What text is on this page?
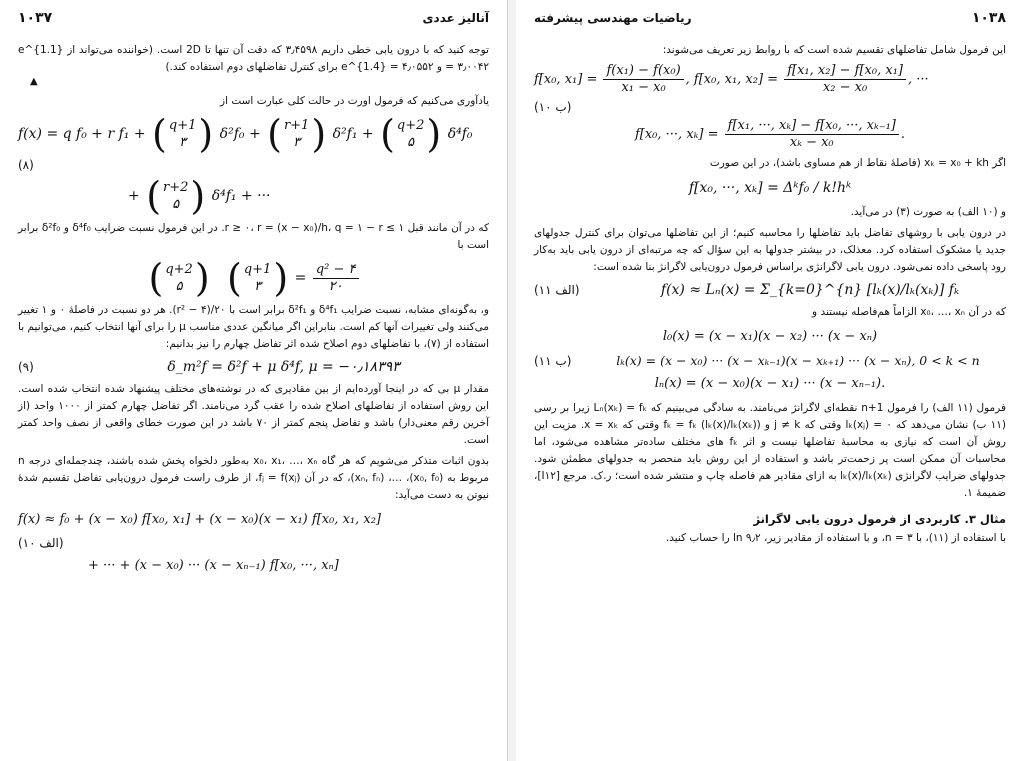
۱۰۳۷	آنالیز عددی

توجه کنید که با درون یابی خطی داریم ۳٫۴۵۹۸ که دقت آن تنها تا 2D است. (خواننده می‌تواند از e^{1.1} = ۳٫۰۰۴۲ و e^{1.4} = ۴٫۰۵۵۲ برای کنترل تفاضلهای دوم استفاده کند.)

▲

یادآوری می‌کنیم که فرمول اورت در حالت کلی عبارت است از

f(x) = q f₀ + r f₁ + ( q+1
۳ ) δ²f₀ + ( r+1
۳ ) δ²f₁ + ( q+2
۵ ) δ⁴f₀

(۸)

+ ( r+2
۵ ) δ⁴f₁ + ···

که در آن مانند قبل ۱ ≥ r ≥ ۰، r = (x − x₀)/h، q = ۱ − r. در این فرمول نسبت ضرایب δ⁴f₀ و δ²f₀ برابر است با

( q+2
۵ )
( q+1
۳ ) = $\frac{\text{q² − ۴}}{۲۰}$

و، به‌گونه‌ای مشابه، نسبت ضرایب δ⁴f₁ و δ²f₁ برابر است با ۲۰/(r² − ۴). هر دو نسبت در فاصلهٔ ۰ و ۱ تغییر می‌کنند ولی تغییرات آنها کم است. بنابراین اگر میانگین عددی مناسب μ را برای آنها انتخاب کنیم، می‌توانیم با استفاده از (۷)، با تفاضلهای دوم اصلاح شده اثر تفاضل چهارم را نیز بدانیم:

(۹)	δ_m²f = δ²f + μ δ⁴f, μ = −۰٫۱۸۳۹۳

مقدار μ بی که در اینجا آورده‌ایم از بین مقادیری که در نوشته‌های مختلف پیشنهاد شده انتخاب شده است. این روش استفاده از تفاضلهای اصلاح شده را عقب گرد می‌نامند. اگر تفاضل چهارم کمتر از ۱۰۰۰ واحد (از آخرین رقم معنی‌دار) باشد و تفاضل پنجم کمتر از ۷۰ باشد در این صورت خطای واقعی از نصف واحد کمتر است.

بدون اثبات متذکر می‌شویم که هر گاه x₀، x₁، …، xₙ به‌طور دلخواه پخش شده باشند، چندجمله‌ای درجه n مربوط به (x₀, f₀)، …، (xₙ, fₙ)، که در آن fⱼ = f(xⱼ)، از طرف راست فرمول درون‌یابی تفاضل تقسیم شدهٔ نیوتن به دست می‌آید:

f(x) ≈ f₀ + (x − x₀) f[x₀, x₁] + (x − x₀)(x − x₁) f[x₀, x₁, x₂]

(۱۰ الف)

+ ··· + (x − x₀) ··· (x − xₙ₋₁) f[x₀, ···, xₙ]
ریاضیات مهندسی پیشرفته	۱۰۳۸

این فرمول شامل تفاضلهای تقسیم شده است که با روابط زیر تعریف می‌شوند:

f[x₀, $x_1] = \frac{\text{f(x₁) − f(x₀)}}{\text{x₁ − x₀}}$ , f[x₀, x₁, $x_2] = \frac{\text{f[x₁, x₂] − f[x₀, x₁]}}{\text{x₂ − x₀}}$ , ···

(۱۰ ب)

f[x₀, ···, $x_k] = \frac{\text{f[x₁, ···, xₖ] − f[x₀, ···, xₖ₋₁]}}{\text{xₖ − x₀}}$ .

اگر xₖ = x₀ + kh (فاصلهٔ نقاط از هم مساوی باشد)، در این صورت

f[x₀, ···, xₖ] = Δᵏf₀ / k!hᵏ

و (۱۰ الف) به صورت (۳) در می‌آید.

در درون یابی با روشهای تفاضل باید تفاضلها را محاسبه کنیم؛ از این تفاضلها می‌توان برای کنترل جدولهای جدید یا مشکوک استفاده کرد. معذلک، در بیشتر جدولها به این سؤال که چه مرتبه‌ای از درون یابی باید به‌کار رود پاسخی داده نمی‌شود. درون یابی لاگرانژی براساس فرمول درون‌یابی لاگرانژ بنا شده است:

(۱۱ الف)	f(x) ≈ Lₙ(x) = Σ_{k=0}^{n} [lₖ(x)/lₖ(xₖ)] fₖ

که در آن x₀، …، xₙ الزاماً هم‌فاصله نیستند و

l₀(x) = (x − x₁)(x − x₂) ··· (x − xₙ)
(۱۱ ب)	lₖ(x) = (x − x₀) ··· (x − xₖ₋₁)(x − xₖ₊₁) ··· (x − xₙ), 0 < k < n
lₙ(x) = (x − x₀)(x − x₁) ··· (x − xₙ₋₁).

فرمول (۱۱ الف) را فرمول n+1 نقطه‌ای لاگرانژ می‌نامند. به سادگی می‌بینیم که Lₙ(xₖ) = fₖ زیرا بر رسی (۱۱ ب) نشان می‌دهد که lₖ(xⱼ) = ۰ وقتی که j ≠ k و (lₖ(x)/lₖ(xₖ)) fₖ = fₖ وقتی که x = xₖ. مزیت این روش آن است که نیازی به محاسبهٔ تفاضلها نیست و اثر fₖ های مختلف ساده‌تر مشاهده می‌شود، اما محاسبات آن ممکن است پر زحمت‌تر باشد و استفاده از این روش باید منحصر به جدولهای مطمئن شود. جدولهای ضرایب لاگرانژی lₖ(x)/lₖ(xₖ) به ازای مقادیر هم فاصله چاپ و منتشر شده است؛ ر.ک. مرجع [I۱۲]، ضمیمهٔ ۱.

مثال ۳. کاربردی از فرمول درون یابی لاگرانژ

با استفاده از (۱۱)، با n = ۳، و با استفاده از مقادیر زیر، ln ۹٫۲ را حساب کنید.
